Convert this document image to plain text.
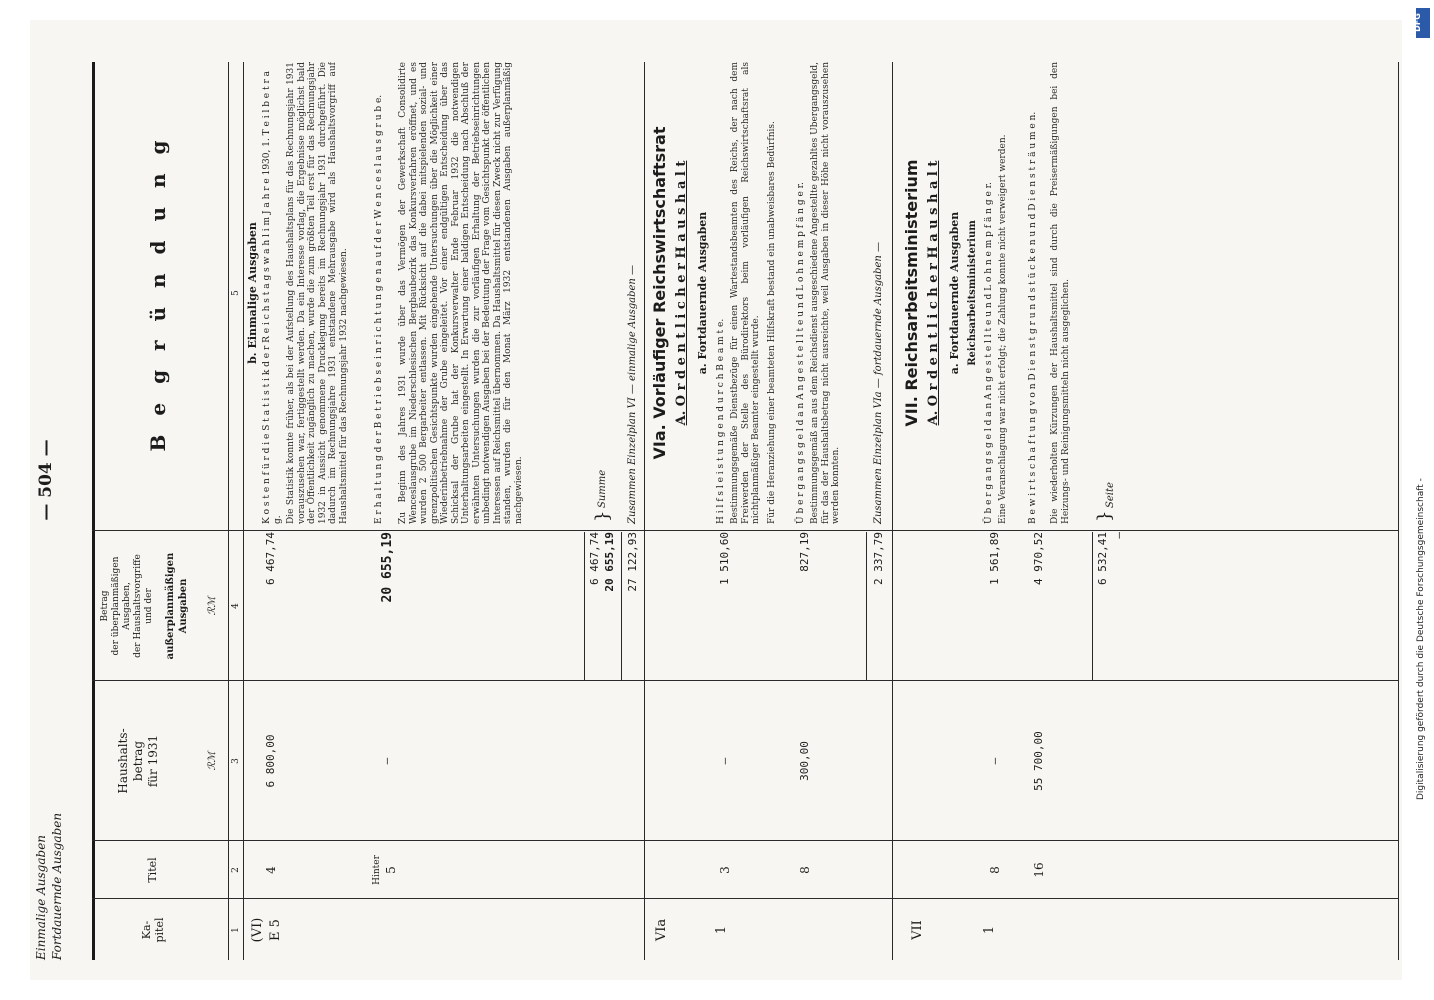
Einmalige Ausgaben Fortdauernde Ausgaben
— 504 —
Ka-
pitel
Titel
Haushalts-
betrag
für 1931	ℛℳ
Betrag
der überplanmäßigen
Ausgaben,
der Haushaltsvorgriffe
und der außerplanmäßigen
Ausgaben ℛℳ
B e g r ü n d u n g
1
2
3
4
5
(VI) E 5
4
6 800,00
6 467,74
b. Einmalige Ausgaben K o s t e n f ü r d i e S t a t i s t i k d e r R e i c h s t a g s w a h l i m J a h r e 1930, 1. T e i l b e t r a g. Die Statistik konnte früher, als bei der Aufstellung des Haushaltsplans für das Rechnungsjahr 1931 vorauszusehen war, fertiggestellt werden. Da ein Interesse vorlag, die Ergebnisse möglichst bald der Öffentlichkeit zugänglich zu machen, wurde die zum größten Teil erst für das Rechnungsjahr 1932 in Aussicht genommene Drucklegung bereits im Rechnungsjahr 1931 durchgeführt. Die dadurch im Rechnungsjahre 1931 entstandene Mehrausgabe wird als Haushaltsvorgriff auf Haushaltsmittel für das Rechnungsjahr 1932 nachgewiesen.
Hinter 5
—
20 655,19
E r h a l t u n g d e r B e t r i e b s e i n r i c h t u n g e n a u f d e r W e n c e s l a u s g r u b e. Zu Beginn des Jahres 1931 wurde über das Vermögen der Gewerkschaft Consolidirte Wenceslausgrube im Niederschlesischen Bergbaubezirk das Konkursverfahren eröffnet, und es wurden 2 500 Bergarbeiter entlassen. Mit Rücksicht auf die dabei mitspielenden sozial- und grenzpolitischen Gesichtspunkte wurden eingehende Untersuchungen über die Möglichkeit einer Wiederinbetriebnahme der Grube eingeleitet. Vor einer endgültigen Entscheidung über das Schicksal der Grube hat der Konkursverwalter Ende Februar 1932 die notwendigen Unterhaltungsarbeiten eingestellt. In Erwartung einer baldigen Entscheidung nach Abschluß der erwähnten Untersuchungen wurden die zur vorläufigen Erhaltung der Betriebseinrichtungen unbedingt notwendigen Ausgaben bei der Bedeutung der Frage vom Gesichtspunkt der öffentlichen Interessen auf Reichsmittel übernommen. Da Haushaltsmittel für diesen Zweck nicht zur Verfügung standen, wurden die für den Monat März 1932 entstandenen Ausgaben außerplanmäßig nachgewiesen.
6 467,74 20 655,19
}
Summe
27 122,93
Zusammen Einzelplan VI — einmalige Ausgaben —
VIa
VIa. Vorläufiger Reichswirtschaftsrat A. O r d e n t l i c h e r H a u s h a l t a. Fortdauernde Ausgaben
1
3
—
1 510,60
H i l f s l e i s t u n g e n d u r c h B e a m t e. Bestimmungsgemäße Dienstbezüge für einen Wartestandsbeamten des Reichs, der nach dem Freiwerden der Stelle des Bürodirektors beim vorläufigen Reichswirtschaftsrat als nichtplanmäßiger Beamter eingestellt wurde. Für die Heranziehung einer beamteten Hilfskraft bestand ein unabweisbares Bedürfnis.
8
300,00
827,19
Ü b e r g a n g s g e l d a n A n g e s t e l l t e u n d L o h n e m p f ä n g e r. Bestimmungsgemäß an aus dem Reichsdienst ausgeschiedene Angestellte gezahltes Übergangsgeld, für das der Haushaltsbetrag nicht ausreichte, weil Ausgaben in dieser Höhe nicht vorauszusehen werden konnten.
2 337,79
Zusammen Einzelplan VIa — fortdauernde Ausgaben —
VII
VII. Reichsarbeitsministerium A. O r d e n t l i c h e r H a u s h a l t a. Fortdauernde Ausgaben Reichsarbeitsministerium
1
8
—
1 561,89
Ü b e r g a n g s g e l d a n A n g e s t e l l t e u n d L o h n e m p f ä n g e r. Eine Veranschlagung war nicht erfolgt; die Zahlung konnte nicht verweigert werden.
16
55 700,00
4 970,52
B e w i r t s c h a f t u n g v o n D i e n s t g r u n d s t ü c k e n u n d D i e n s t r ä u m e n. Die wiederholten Kürzungen der Haushaltsmittel sind durch die Preisermäßigungen bei den Heizungs- und Reinigungsmitteln nicht ausgeglichen.
6 532,41 —
}
Seite	Digitalisierung gefördert durch die Deutsche Forschungsgemeinschaft -
DFG
